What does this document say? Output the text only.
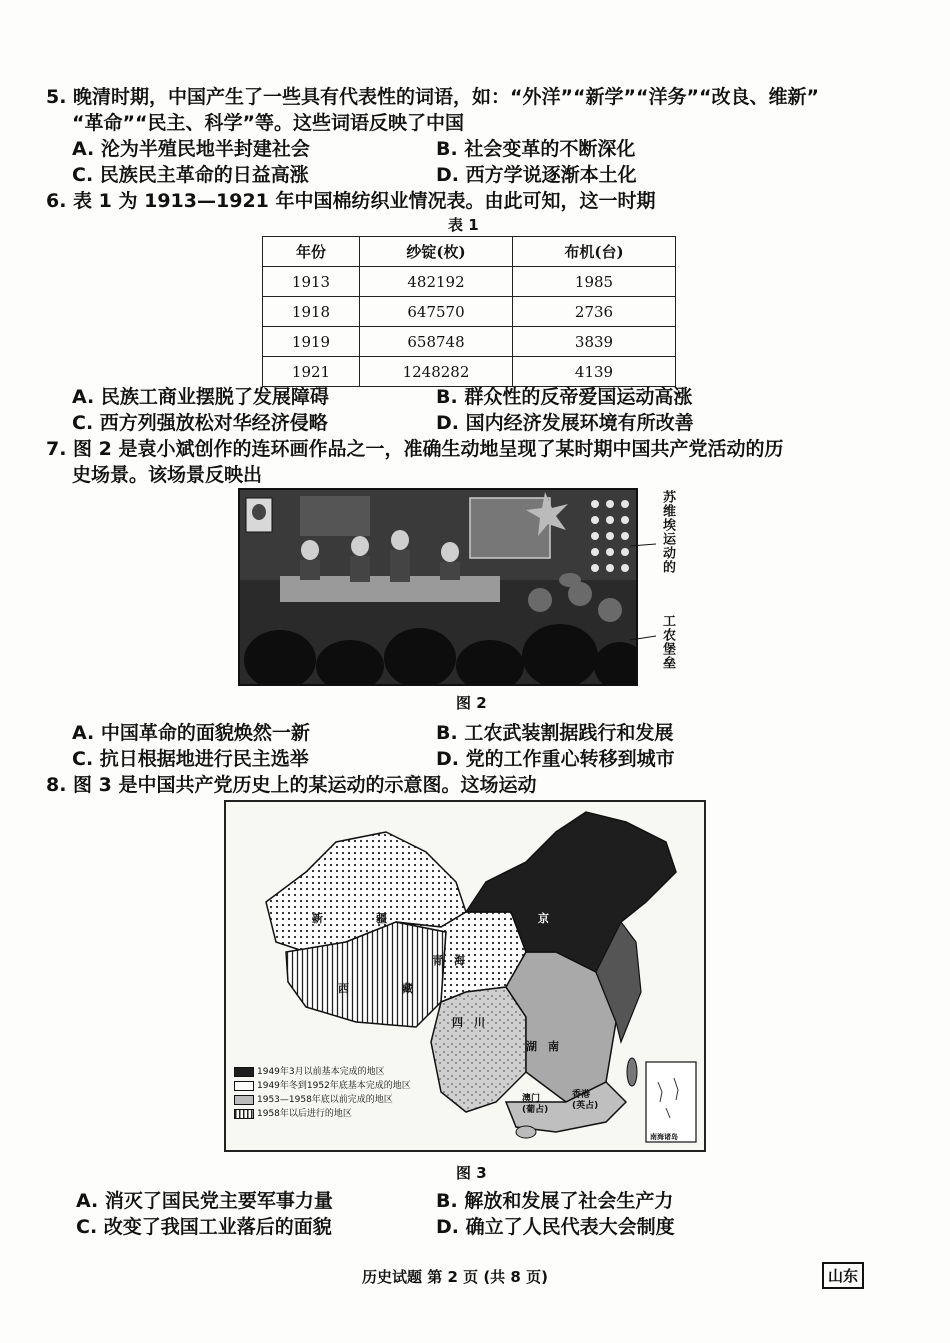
5. 晚清时期，中国产生了一些具有代表性的词语，如：“外洋”“新学”“洋务”“改良、维新”
“革命”“民主、科学”等。这些词语反映了中国
A. 沦为半殖民地半封建社会	B. 社会变革的不断深化
C. 民族民主革命的日益高涨	D. 西方学说逐渐本土化
6. 表 1 为 1913—1921 年中国棉纺织业情况表。由此可知，这一时期
表 1
年份	纱锭(枚)	布机(台)
1913	482192	1985
1918	647570	2736
1919	658748	3839
1921	1248282	4139
A. 民族工商业摆脱了发展障碍	B. 群众性的反帝爱国运动高涨
C. 西方列强放松对华经济侵略	D. 国内经济发展环境有所改善
7. 图 2 是袁小斌创作的连环画作品之一，准确生动地呈现了某时期中国共产党活动的历
史场景。该场景反映出
苏维埃运动的
工农堡垒
图 2
A. 中国革命的面貌焕然一新	B. 工农武装割据践行和发展
C. 抗日根据地进行民主选举	D. 党的工作重心转移到城市
8. 图 3 是中国共产党历史上的某运动的示意图。这场运动
新	疆
青　海
西	藏
四　川
湖　南
京
澳门
(葡占)
香港
(英占)
南海诸岛
1949年3月以前基本完成的地区
1949年冬到1952年底基本完成的地区
1953—1958年底以前完成的地区
1958年以后进行的地区
图 3
A. 消灭了国民党主要军事力量	B. 解放和发展了社会生产力
C. 改变了我国工业落后的面貌	D. 确立了人民代表大会制度
历史试题 第 2 页 (共 8 页)	山东
